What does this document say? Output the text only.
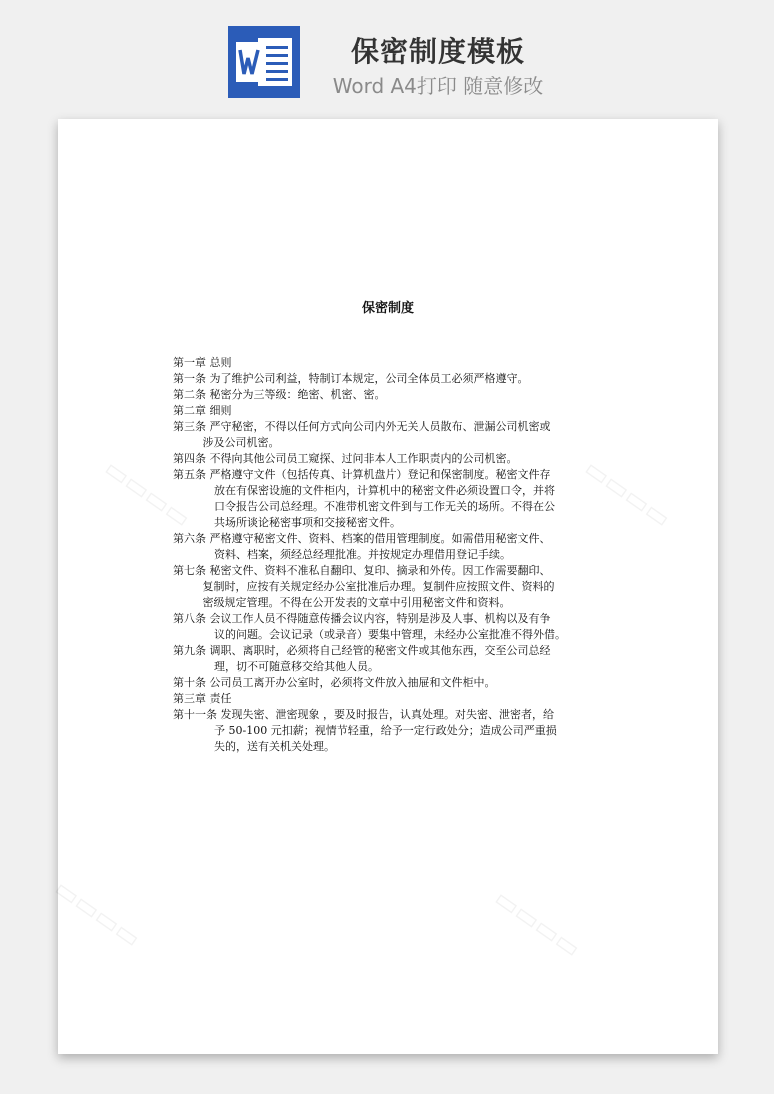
保密制度模板
Word A4打印 随意修改
▭▭▭▭	▭▭▭▭
▭▭▭▭	▭▭▭▭
保密制度
第一章 总则
第一条 为了维护公司利益，特制订本规定，公司全体员工必须严格遵守。
第二条 秘密分为三等级：绝密、机密、密。
第二章 细则
第三条 严守秘密，不得以任何方式向公司内外无关人员散布、泄漏公司机密或
涉及公司机密。
第四条 不得向其他公司员工窥探、过问非本人工作职责内的公司机密。
第五条 严格遵守文件（包括传真、计算机盘片）登记和保密制度。秘密文件存
放在有保密设施的文件柜内，计算机中的秘密文件必须设置口令，并将
口令报告公司总经理。不准带机密文件到与工作无关的场所。不得在公
共场所谈论秘密事项和交接秘密文件。
第六条 严格遵守秘密文件、资料、档案的借用管理制度。如需借用秘密文件、
资料、档案，须经总经理批准。并按规定办理借用登记手续。
第七条 秘密文件、资料不准私自翻印、复印、摘录和外传。因工作需要翻印、
复制时，应按有关规定经办公室批准后办理。复制件应按照文件、资料的
密级规定管理。不得在公开发表的文章中引用秘密文件和资料。
第八条 会议工作人员不得随意传播会议内容，特别是涉及人事、机构以及有争
议的问题。会议记录（或录音）要集中管理，未经办公室批准不得外借。
第九条 调职、离职时，必须将自己经管的秘密文件或其他东西，交至公司总经
理，切不可随意移交给其他人员。
第十条 公司员工离开办公室时，必须将文件放入抽屉和文件柜中。
第三章 责任
第十一条 发现失密、泄密现象 ，要及时报告，认真处理。对失密、泄密者，给
予 50-100 元扣薪；视情节轻重，给予一定行政处分；造成公司严重损
失的，送有关机关处理。
